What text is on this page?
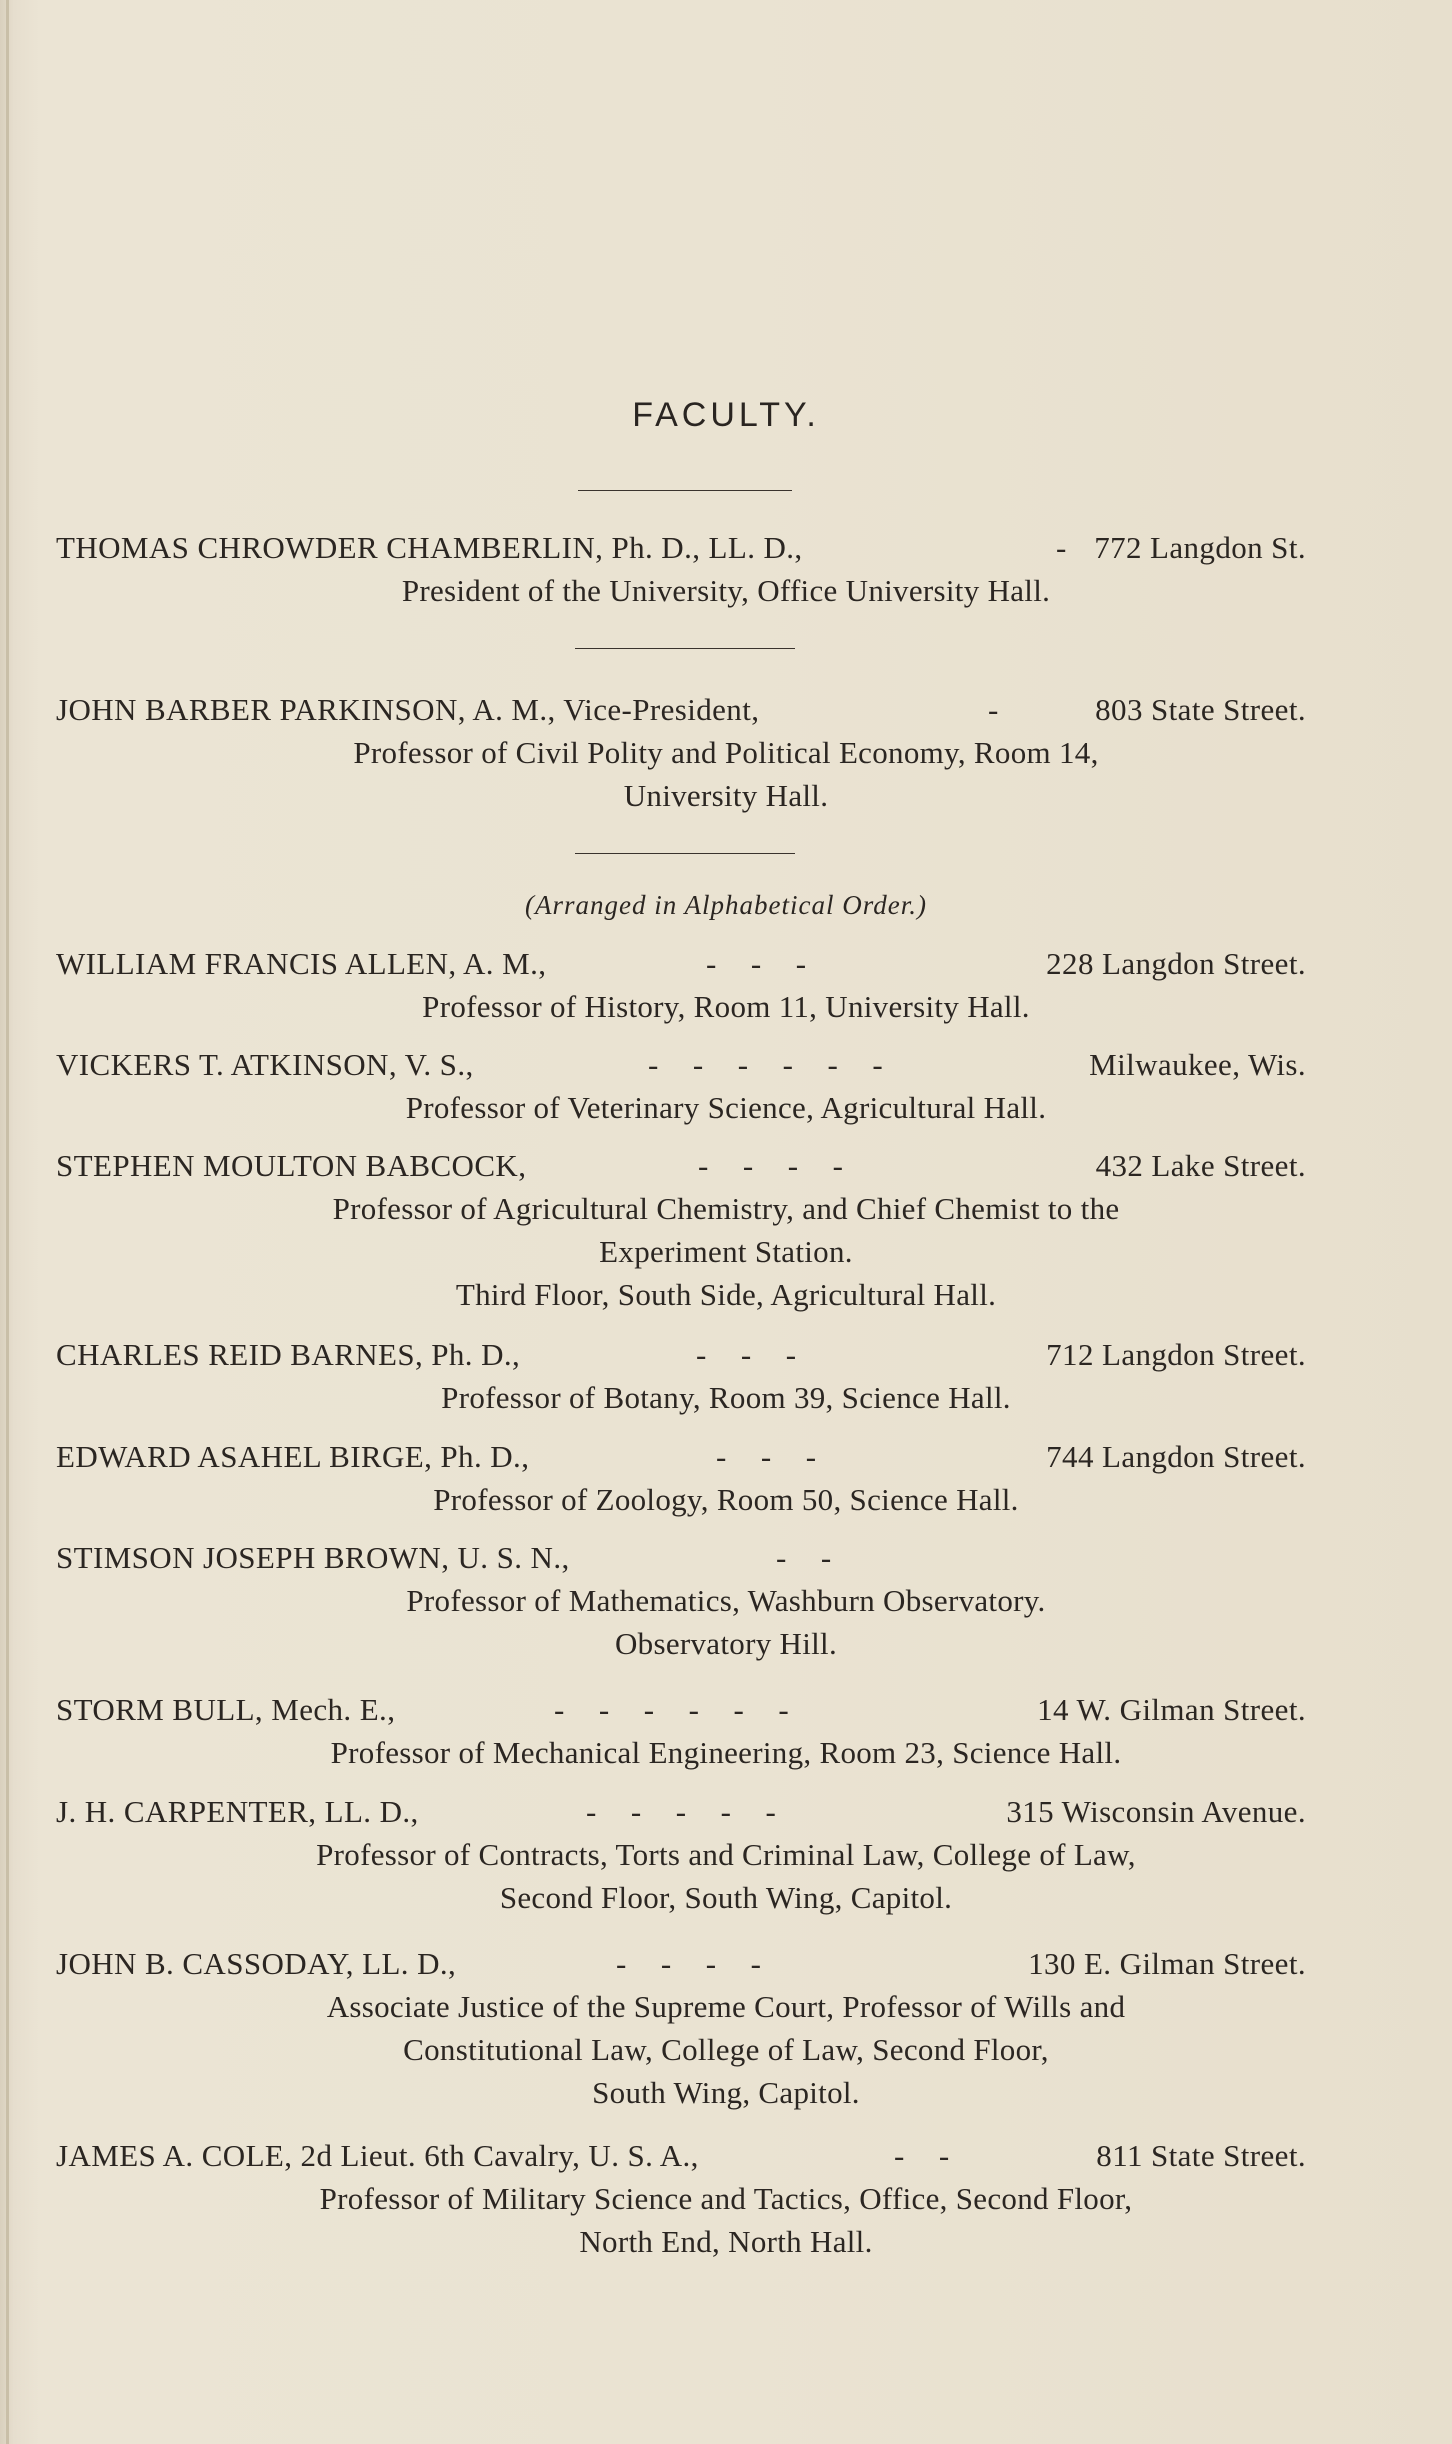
FACULTY.
THOMAS CHROWDER CHAMBERLIN, Ph. D., LL. D.,	- 772 Langdon St.
President of the University, Office University Hall.
JOHN BARBER PARKINSON, A. M., Vice-President,	-	803 State Street.
Professor of Civil Polity and Political Economy, Room 14,
University Hall.
(Arranged in Alphabetical Order.)
WILLIAM FRANCIS ALLEN, A. M.,	- - -	228 Langdon Street.
Professor of History, Room 11, University Hall.
VICKERS T. ATKINSON, V. S.,	- - - - - -	Milwaukee, Wis.
Professor of Veterinary Science, Agricultural Hall.
STEPHEN MOULTON BABCOCK,	- - - -	432 Lake Street.
Professor of Agricultural Chemistry, and Chief Chemist to the
Experiment Station.
Third Floor, South Side, Agricultural Hall.
CHARLES REID BARNES, Ph. D.,	- - -	712 Langdon Street.
Professor of Botany, Room 39, Science Hall.
EDWARD ASAHEL BIRGE, Ph. D.,	- - -	744 Langdon Street.
Professor of Zoology, Room 50, Science Hall.
STIMSON JOSEPH BROWN, U. S. N.,	- -
Professor of Mathematics, Washburn Observatory.
Observatory Hill.
STORM BULL, Mech. E.,	- - - - - -	14 W. Gilman Street.
Professor of Mechanical Engineering, Room 23, Science Hall.
J. H. CARPENTER, LL. D.,	- - - - -	315 Wisconsin Avenue.
Professor of Contracts, Torts and Criminal Law, College of Law,
Second Floor, South Wing, Capitol.
JOHN B. CASSODAY, LL. D.,	- - - -	130 E. Gilman Street.
Associate Justice of the Supreme Court, Professor of Wills and
Constitutional Law, College of Law, Second Floor,
South Wing, Capitol.
JAMES A. COLE, 2d Lieut. 6th Cavalry, U. S. A.,	- -	811 State Street.
Professor of Military Science and Tactics, Office, Second Floor,
North End, North Hall.
